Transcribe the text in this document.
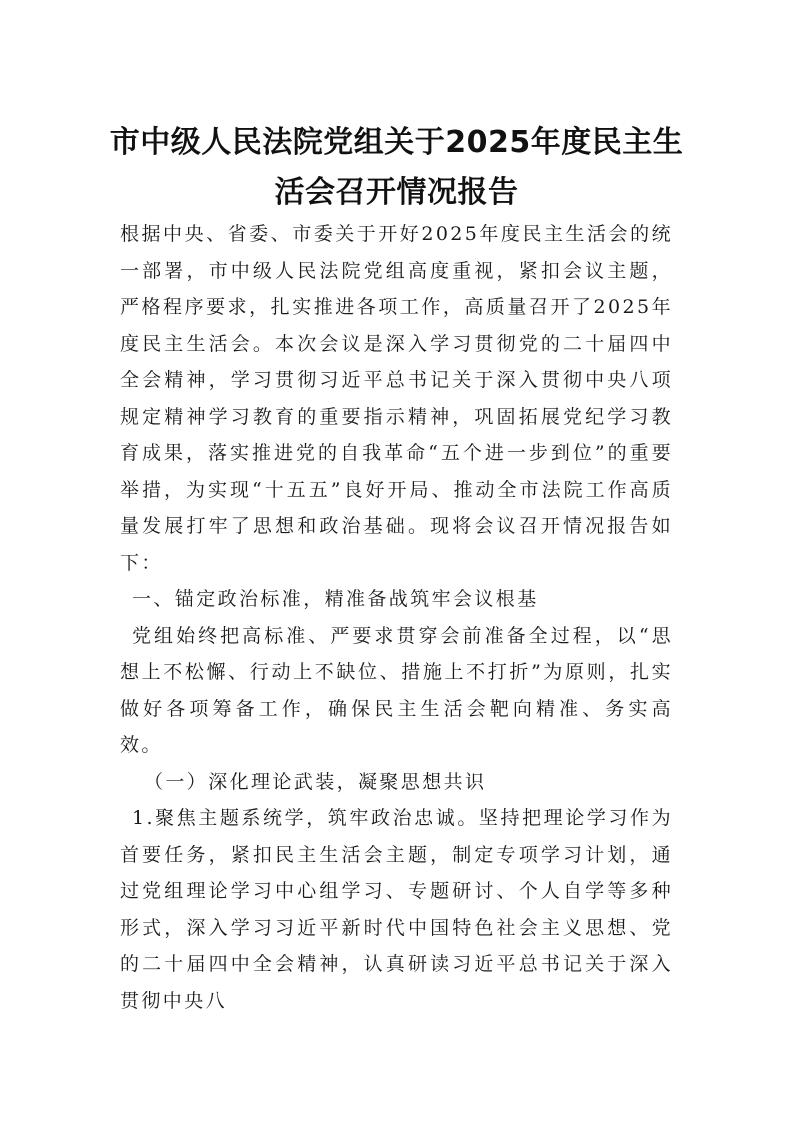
市中级人民法院党组关于2025年度民主生
活会召开情况报告

根据中央、省委、市委关于开好2025年度民主生活会的统一部署，市中级人民法院党组高度重视，紧扣会议主题，严格程序要求，扎实推进各项工作，高质量召开了2025年度民主生活会。本次会议是深入学习贯彻党的二十届四中全会精神，学习贯彻习近平总书记关于深入贯彻中央八项规定精神学习教育的重要指示精神，巩固拓展党纪学习教育成果，落实推进党的自我革命“五个进一步到位”的重要举措，为实现“十五五”良好开局、推动全市法院工作高质量发展打牢了思想和政治基础。现将会议召开情况报告如下：

一、锚定政治标准，精准备战筑牢会议根基

党组始终把高标准、严要求贯穿会前准备全过程，以“思想上不松懈、行动上不缺位、措施上不打折”为原则，扎实做好各项筹备工作，确保民主生活会靶向精准、务实高效。

（一）深化理论武装，凝聚思想共识

1.聚焦主题系统学，筑牢政治忠诚。坚持把理论学习作为首要任务，紧扣民主生活会主题，制定专项学习计划，通过党组理论学习中心组学习、专题研讨、个人自学等多种形式，深入学习习近平新时代中国特色社会主义思想、党的二十届四中全会精神，认真研读习近平总书记关于深入贯彻中央八
